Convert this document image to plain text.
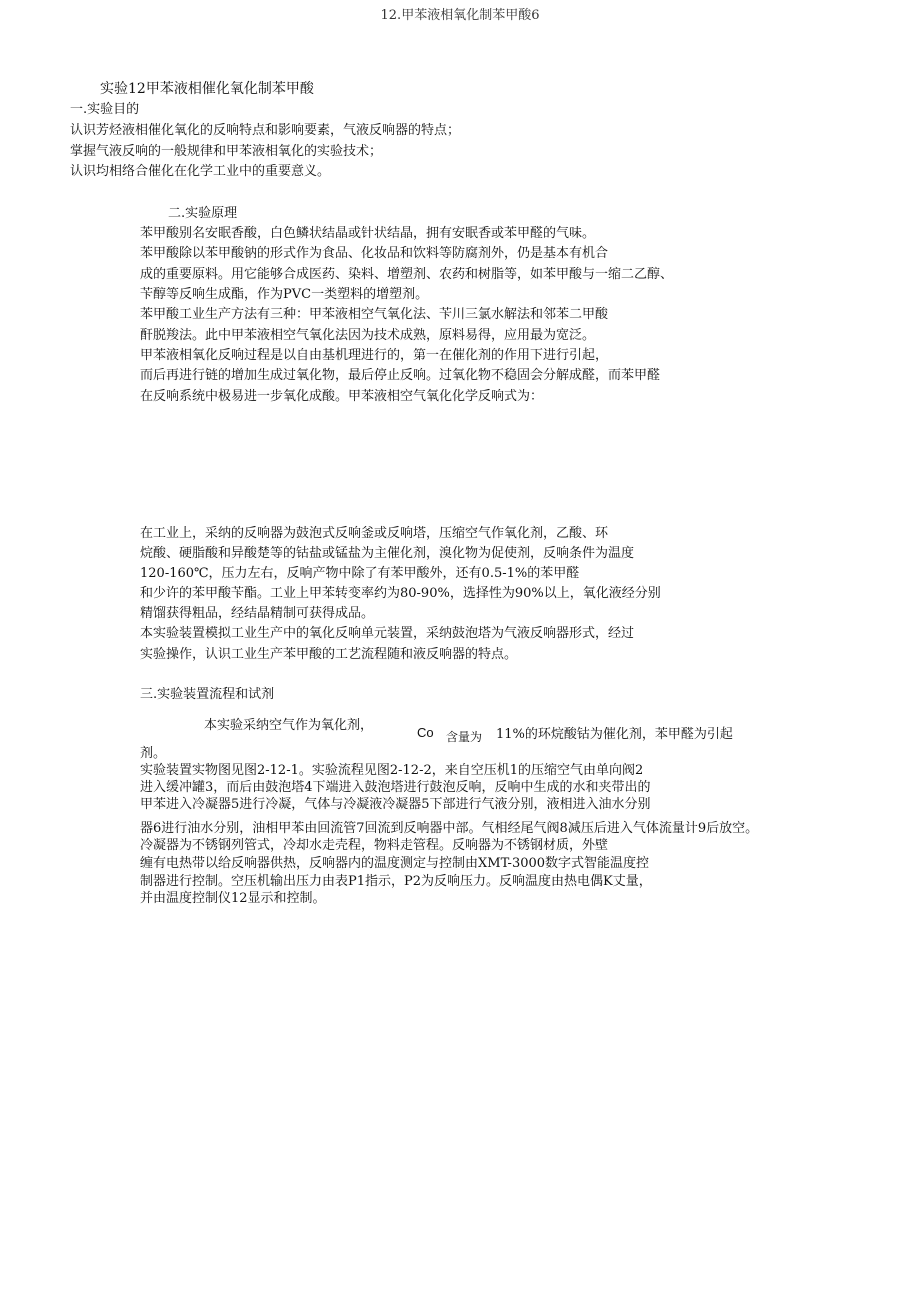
12.甲苯液相氧化制苯甲酸6
实验12甲苯液相催化氧化制苯甲酸
一.实验目的
认识芳烃液相催化氧化的反响特点和影响要素，气液反响器的特点；
掌握气液反响的一般规律和甲苯液相氧化的实验技术；
认识均相络合催化在化学工业中的重要意义。
二.实验原理
苯甲酸别名安眠香酸，白色鳞状结晶或针状结晶，拥有安眠香或苯甲醛的气味。
苯甲酸除以苯甲酸钠的形式作为食品、化妆品和饮料等防腐剂外，仍是基本有机合
成的重要原料。用它能够合成医药、染料、增塑剂、农药和树脂等，如苯甲酸与一缩二乙醇、
苄醇等反响生成酯，作为PVC一类塑料的增塑剂。
苯甲酸工业生产方法有三种：甲苯液相空气氧化法、苄川三氯水解法和邻苯二甲酸
酐脱羧法。此中甲苯液相空气氧化法因为技术成熟，原料易得，应用最为宽泛。
甲苯液相氧化反响过程是以自由基机理进行的，第一在催化剂的作用下进行引起，
而后再进行链的增加生成过氧化物，最后停止反响。过氧化物不稳固会分解成醛，而苯甲醛
在反响系统中极易进一步氧化成酸。甲苯液相空气氧化化学反响式为：
在工业上，采纳的反响器为鼓泡式反响釜或反响塔，压缩空气作氧化剂，乙酸、环
烷酸、硬脂酸和异酸楚等的钴盐或锰盐为主催化剂，溴化物为促使剂，反响条件为温度
120-160℃，压力左右，反响产物中除了有苯甲酸外，还有0.5-1%的苯甲醛
和少许的苯甲酸苄酯。工业上甲苯转变率约为80-90%，选择性为90%以上，氧化液经分别
精馏获得粗品，经结晶精制可获得成品。
本实验装置模拟工业生产中的氧化反响单元装置，采纳鼓泡塔为气液反响器形式，经过
实验操作，认识工业生产苯甲酸的工艺流程随和液反响器的特点。
三.实验装置流程和试剂
本实验采纳空气作为氧化剂，	Co 含量为 11%的环烷酸钴为催化剂，苯甲醛为引起
剂。
实验装置实物图见图2-12-1。实验流程见图2-12-2，来自空压机1的压缩空气由单向阀2
进入缓冲罐3，而后由鼓泡塔4下端进入鼓泡塔进行鼓泡反响，反响中生成的水和夹带出的
甲苯进入冷凝器5进行冷凝，气体与冷凝液冷凝器5下部进行气液分别，液相进入油水分别
器6进行油水分别，油相甲苯由回流管7回流到反响器中部。气相经尾气阀8减压后进入气体流量计9后放空。
冷凝器为不锈钢列管式，冷却水走壳程，物料走管程。反响器为不锈钢材质，外壁
缠有电热带以给反响器供热，反响器内的温度测定与控制由XMT-3000数字式智能温度控
制器进行控制。空压机输出压力由表P1指示，P2为反响压力。反响温度由热电偶K丈量，
并由温度控制仪12显示和控制。
